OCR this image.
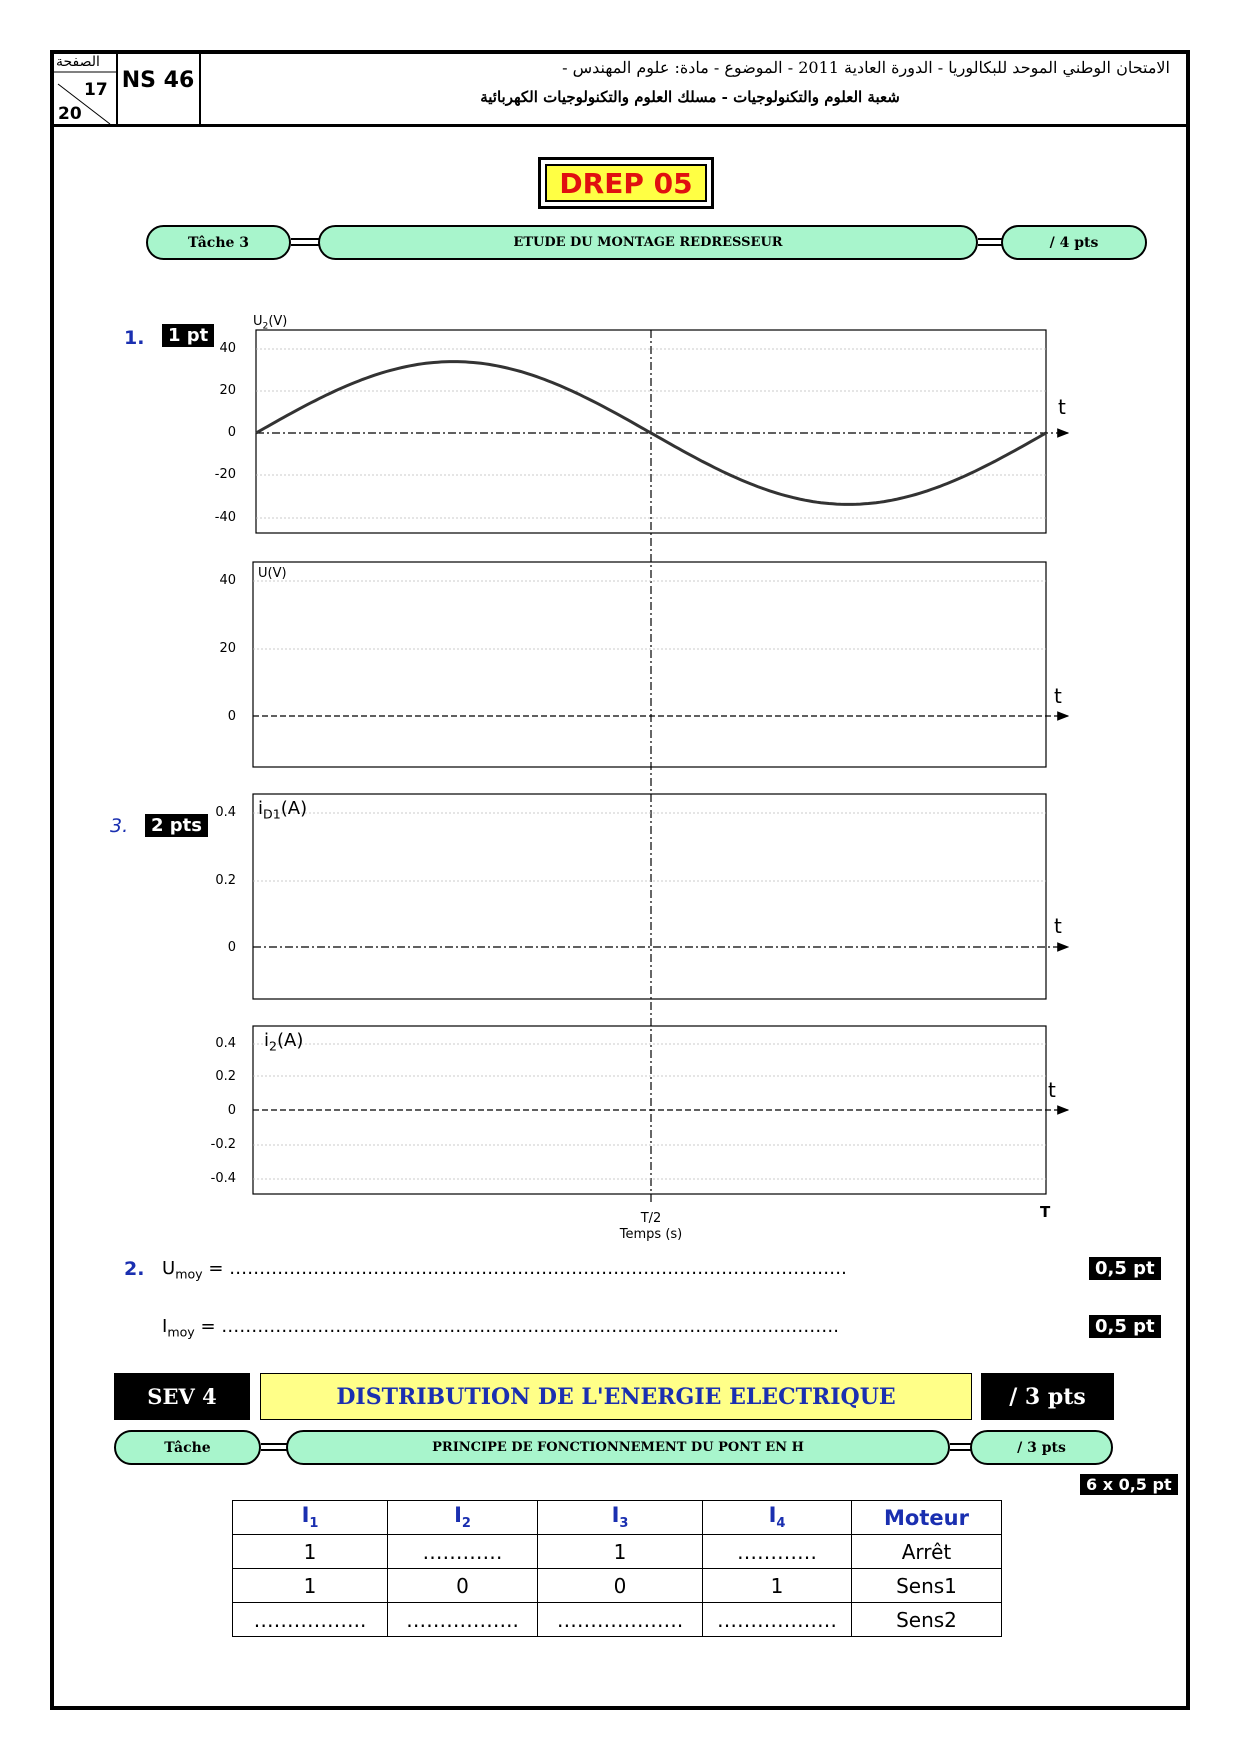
الصفحة
17
20
NS 46
الامتحان الوطني الموحد للبكالوريا - الدورة العادية 2011 - الموضوع - مادة: علوم المهندس -
شعبة العلوم والتكنولوجيات - مسلك العلوم والتكنولوجيات الكهربائية
DREP 05
Tâche 3	ETUDE DU MONTAGE REDRESSEUR	/ 4 pts
1.	1 pt
3.	2 pts
$U_2(V)$
40
20
0
-20
-40
t
U(V)
40
20
0
t
$i_{D1}(A)$
0.4
0.2
0
t
$i_2(A)$
0.4
0.2
0
-0.2
-0.4
t
T/2
Temps (s)
T
2. $U_{moy}$ = ………………………………………………………………………………………….
$I_{moy}$ = ………………………………………………………………………………………….
0,5 pt
0,5 pt
SEV 4	DISTRIBUTION DE L'ENERGIE ELECTRIQUE	/ 3 pts
Tâche	PRINCIPE DE FONCTIONNEMENT DU PONT EN H	/ 3 pts
6 x 0,5 pt
$I_1$	$I_2$	$I_3$	$I_4$	Moteur
1	…………	1	…………	Arrêt
1	0	0	1	Sens1
……………..	……………..	……………….	………………	Sens2
